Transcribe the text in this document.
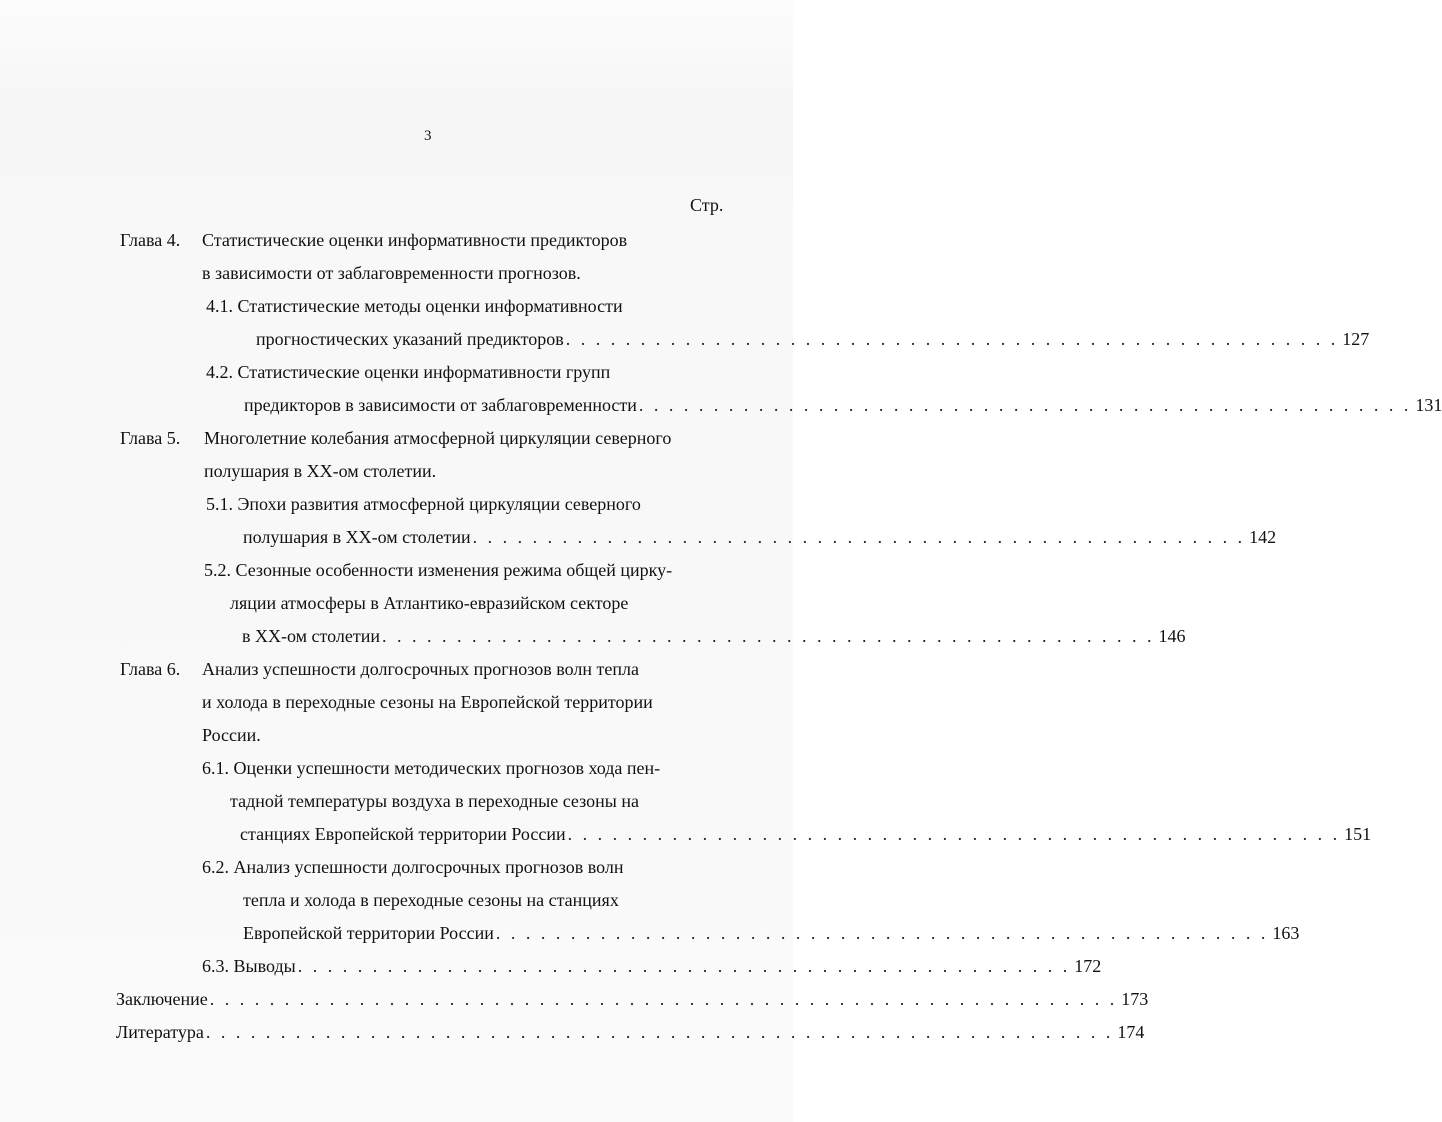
3
Стр.
Глава 4. Статистические оценки информативности предикторов
в зависимости от заблаговременности прогнозов.
4.1. Статистические методы оценки информативности
прогностических указаний предикторов . . . . . . . . . . . . . . . . . . . . . . . . . . . . . . . . . . . . . . . . . . . . . . . . . . . . 127
4.2. Статистические оценки информативности групп
предикторов в зависимости от заблаговременности . . . . . . . . . . . . . . . . . . . . . . . . . . . . . . . . . . . . . . . . . . . . . . . . . . . . 131
Глава 5. Многолетние колебания атмосферной циркуляции северного
полушария в XX-ом столетии.
5.1. Эпохи развития атмосферной циркуляции северного
полушария в XX-ом столетии . . . . . . . . . . . . . . . . . . . . . . . . . . . . . . . . . . . . . . . . . . . . . . . . . . . . 142
5.2. Сезонные особенности изменения режима общей цирку-
ляции атмосферы в Атлантико-евразийском секторе
в XX-ом столетии . . . . . . . . . . . . . . . . . . . . . . . . . . . . . . . . . . . . . . . . . . . . . . . . . . . . 146
Глава 6. Анализ успешности долгосрочных прогнозов волн тепла
и холода в переходные сезоны на Европейской территории
России.
6.1. Оценки успешности методических прогнозов хода пен-
тадной температуры воздуха в переходные сезоны на
станциях Европейской территории России . . . . . . . . . . . . . . . . . . . . . . . . . . . . . . . . . . . . . . . . . . . . . . . . . . . . 151
6.2. Анализ успешности долгосрочных прогнозов волн
тепла и холода в переходные сезоны на станциях
Европейской территории России . . . . . . . . . . . . . . . . . . . . . . . . . . . . . . . . . . . . . . . . . . . . . . . . . . . . 163
6.3. Выводы . . . . . . . . . . . . . . . . . . . . . . . . . . . . . . . . . . . . . . . . . . . . . . . . . . . . 172
Заключение . . . . . . . . . . . . . . . . . . . . . . . . . . . . . . . . . . . . . . . . . . . . . . . . . . . . . . . . . . . . . 173
Литература . . . . . . . . . . . . . . . . . . . . . . . . . . . . . . . . . . . . . . . . . . . . . . . . . . . . . . . . . . . . . 174
